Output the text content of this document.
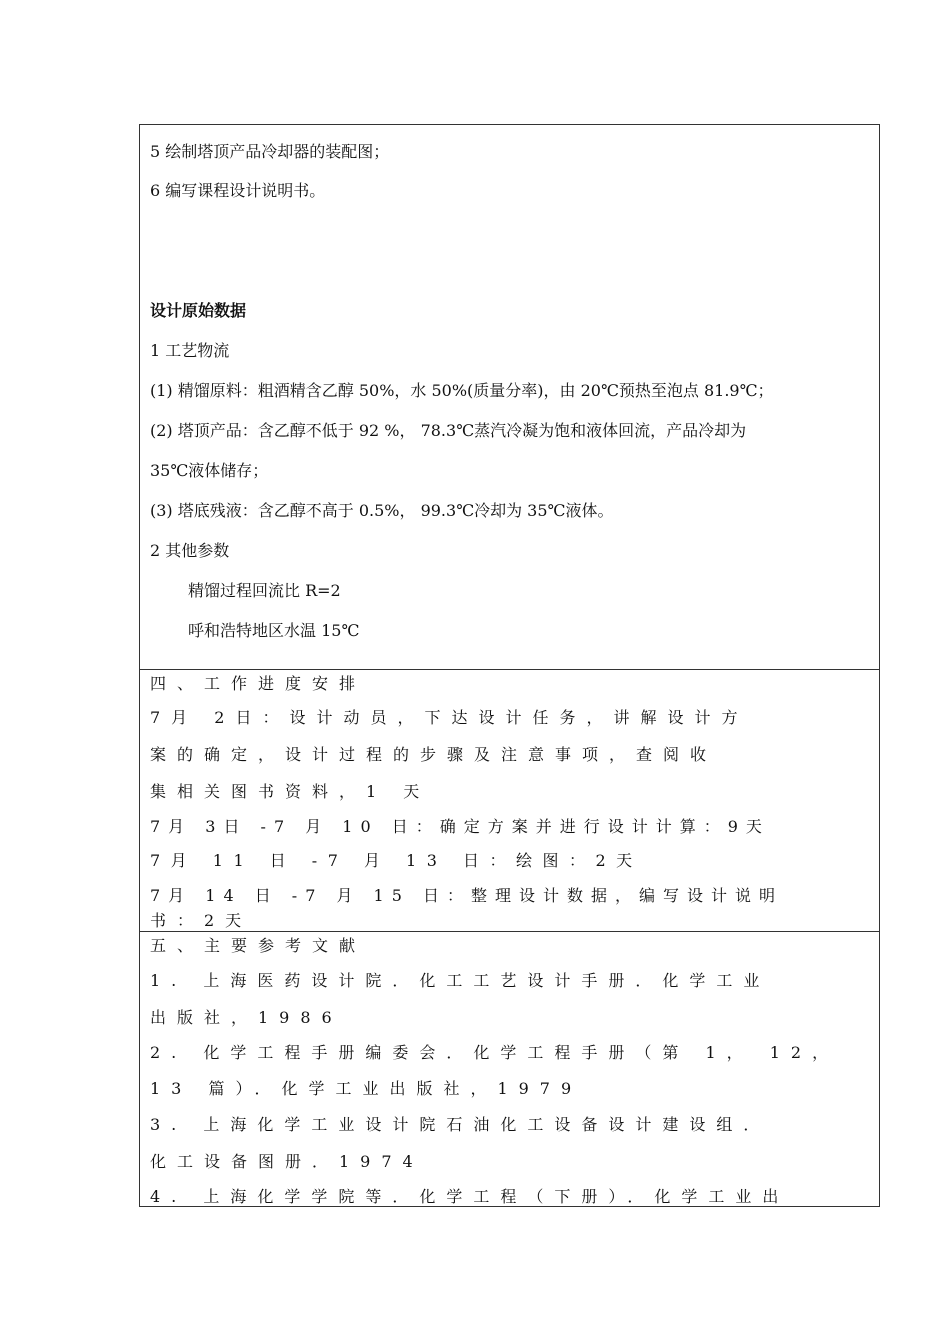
5 绘制塔顶产品冷却器的装配图；
6 编写课程设计说明书。
设计原始数据
1 工艺物流
(1) 精馏原料：粗酒精含乙醇 50%，水 50%(质量分率)，由 20℃预热至泡点 81.9℃；
(2) 塔顶产品：含乙醇不低于 92 %， 78.3℃蒸汽冷凝为饱和液体回流，产品冷却为
35℃液体储存；
(3) 塔底残液：含乙醇不高于 0.5%， 99.3℃冷却为 35℃液体。
2 其他参数
精馏过程回流比 R=2
呼和浩特地区水温 15℃
四、工作进度安排
7月 2日：设计动员，下达设计任务，讲解设计方
案的确定，设计过程的步骤及注意事项，查阅收
集相关图书资料，1 天
7月 3日 -7 月 10 日：确定方案并进行设计计算：9天
7月 11 日 -7 月 13 日：绘图：2天
7月 14 日 -7 月 15 日：整理设计数据，编写设计说明
书：2天
五、主要参考文献
1. 上海医药设计院．化工工艺设计手册．化学工业
出版社，1986
2. 化学工程手册编委会．化学工程手册（第 1， 12，
13 篇）．化学工业出版社，1979
3. 上海化学工业设计院石油化工设备设计建设组．
化工设备图册．1974
4. 上海化学学院等．化学工程（下册）．化学工业出
